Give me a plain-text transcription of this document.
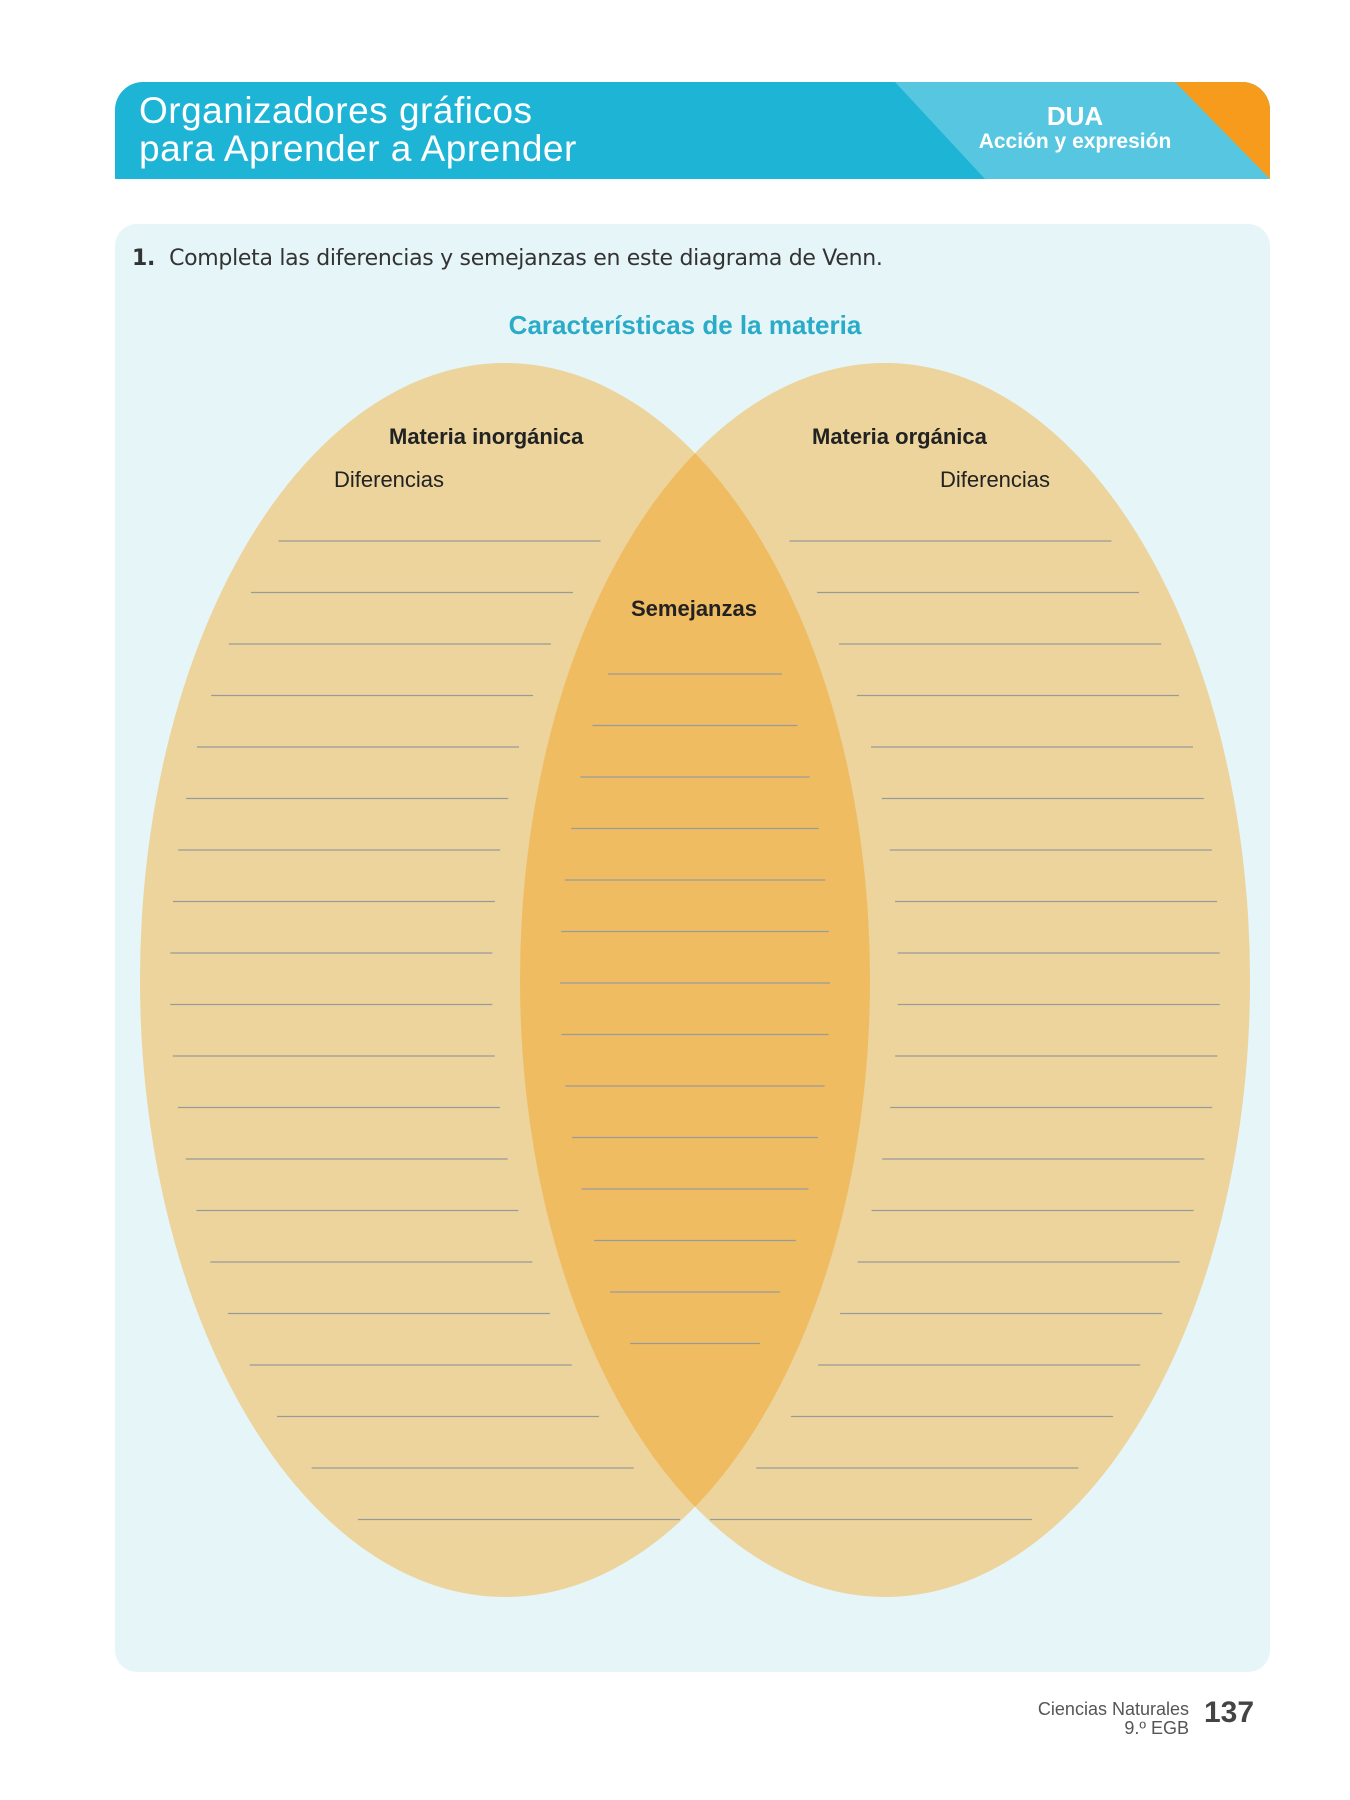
Organizadores gráficos
para Aprender a Aprender
DUA
Acción y expresión
1. Completa las diferencias y semejanzas en este diagrama de Venn.
Características de la materia
Materia inorgánica
Diferencias
Materia orgánica
Diferencias
Semejanzas
Ciencias Naturales
9.º EGB 137
